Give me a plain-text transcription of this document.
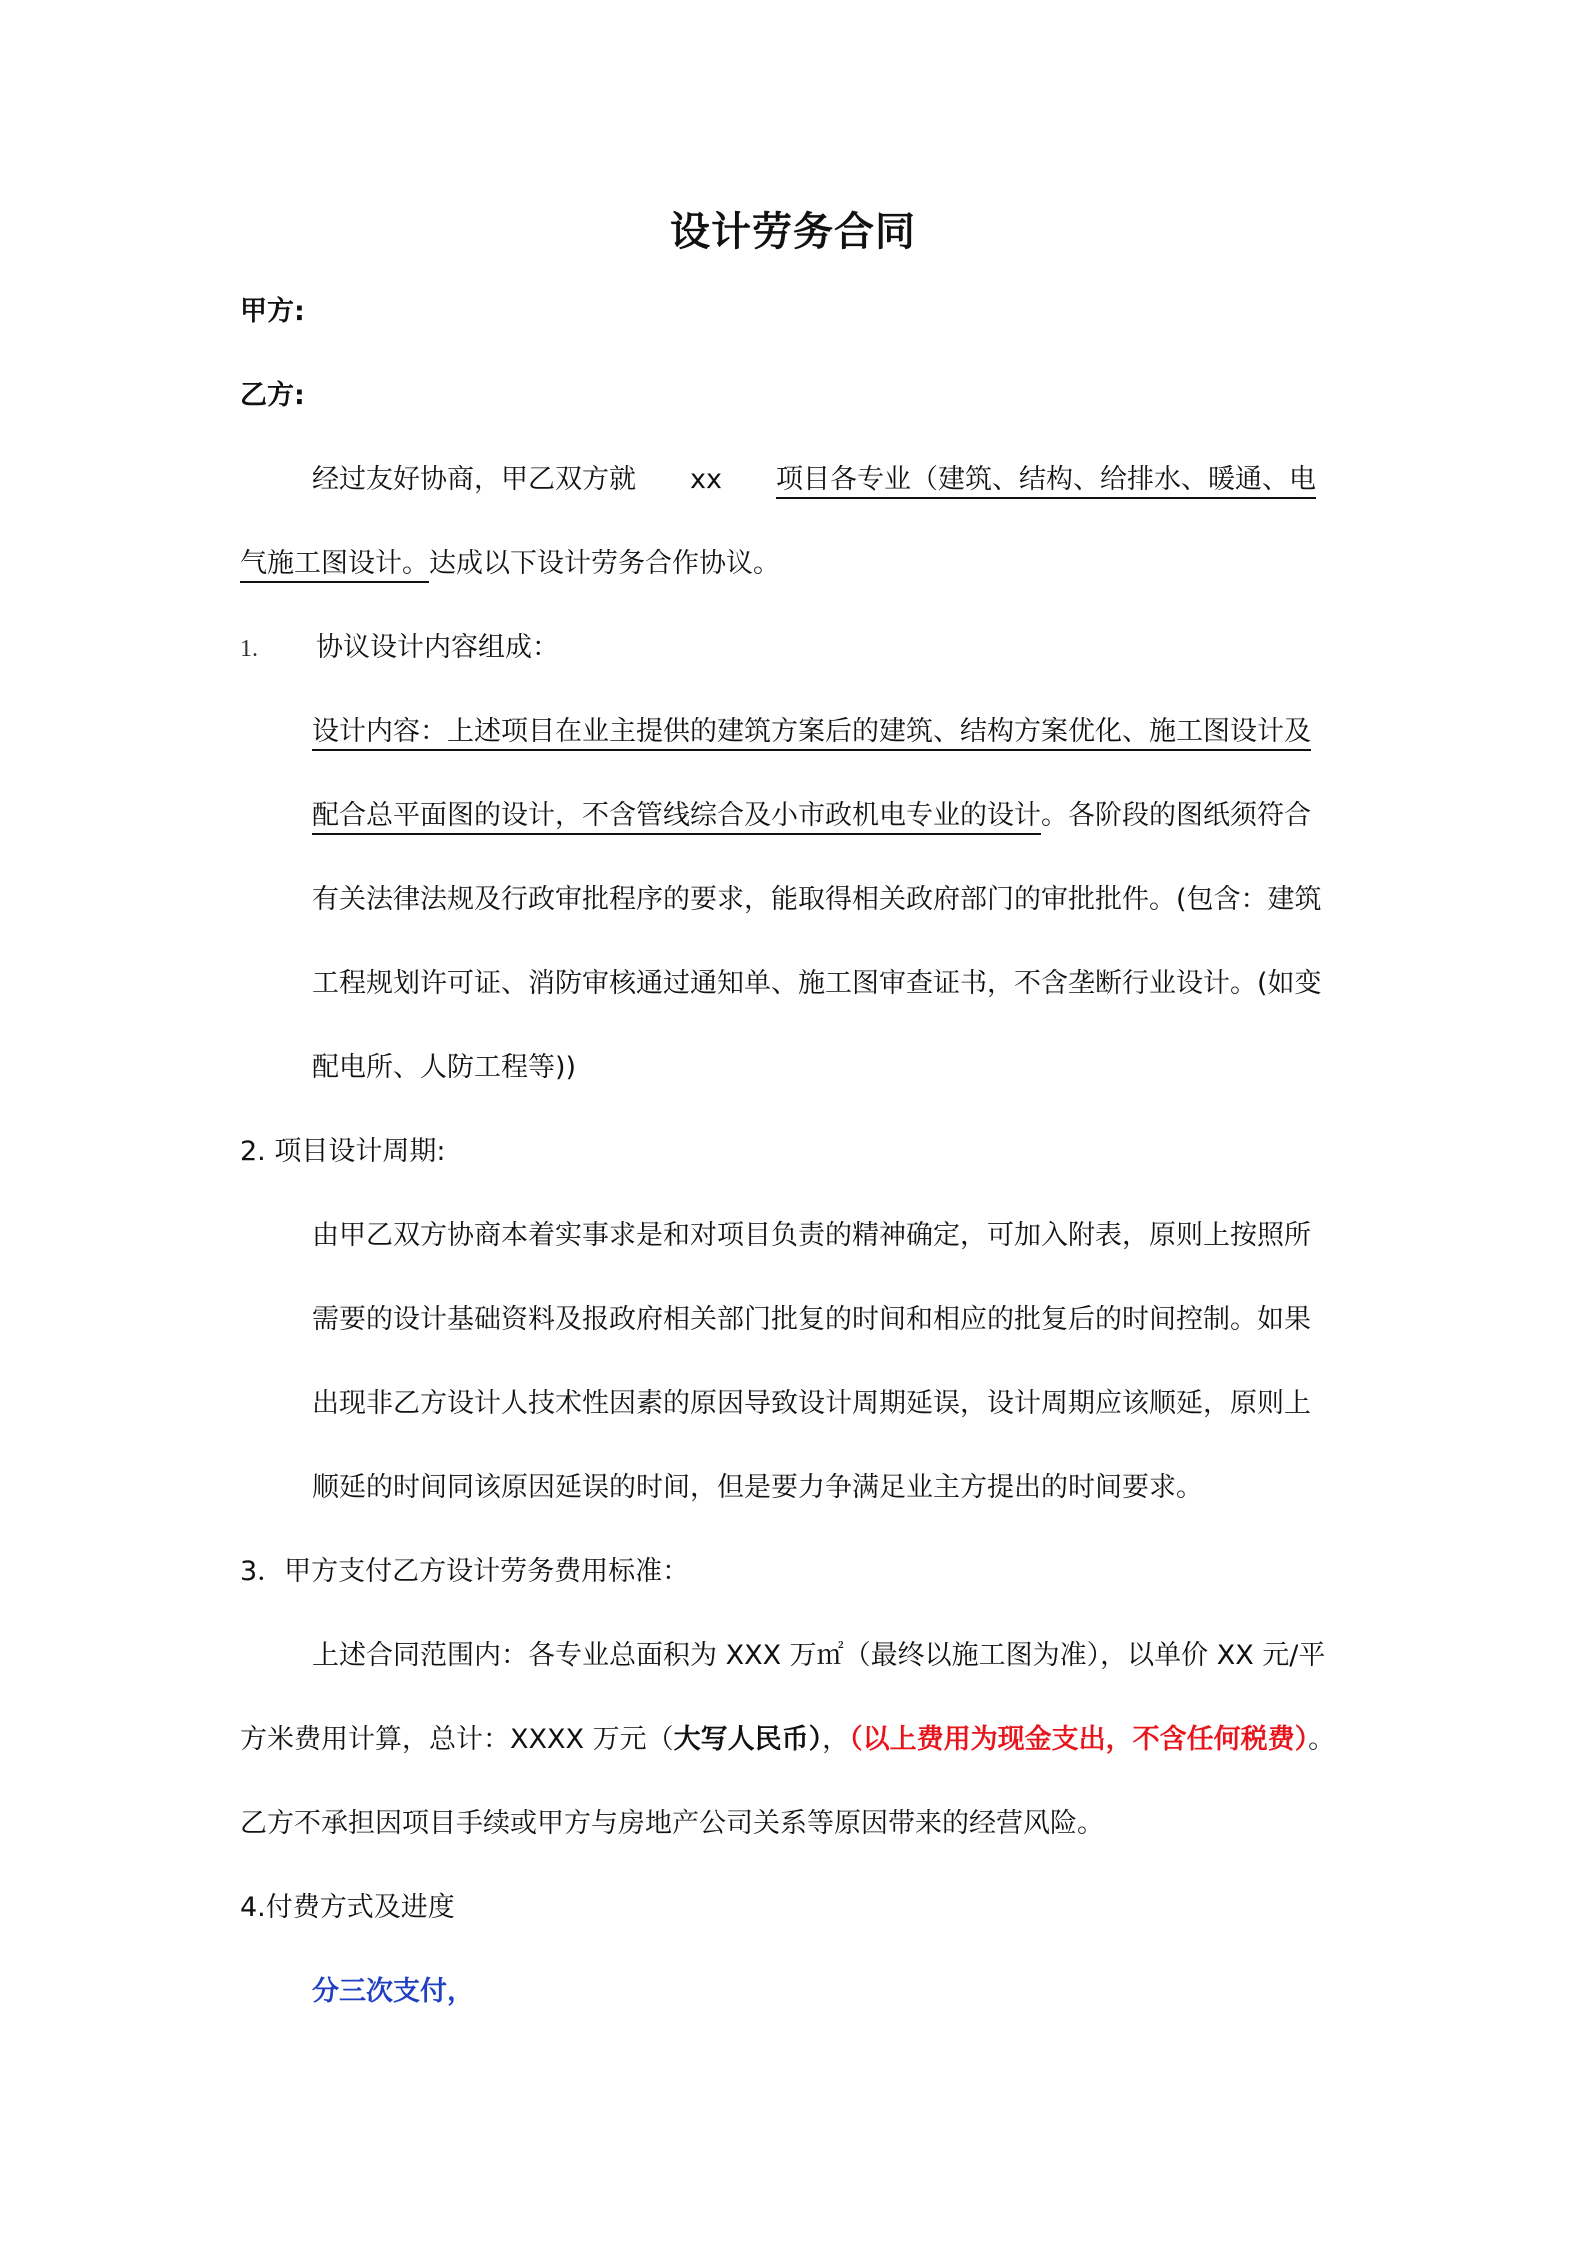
设计劳务合同
甲方:
乙方:
经过友好协商，甲乙双方就 xx 项目各专业（建筑、结构、给排水、暖通、电
气施工图设计。达成以下设计劳务合作协议。
1. 协议设计内容组成：
设计内容：上述项目在业主提供的建筑方案后的建筑、结构方案优化、施工图设计及
配合总平面图的设计，不含管线综合及小市政机电专业的设计。各阶段的图纸须符合
有关法律法规及行政审批程序的要求，能取得相关政府部门的审批批件。(包含：建筑
工程规划许可证、消防审核通过通知单、施工图审查证书，不含垄断行业设计。(如变
配电所、人防工程等))
2. 项目设计周期:
由甲乙双方协商本着实事求是和对项目负责的精神确定，可加入附表，原则上按照所
需要的设计基础资料及报政府相关部门批复的时间和相应的批复后的时间控制。如果
出现非乙方设计人技术性因素的原因导致设计周期延误，设计周期应该顺延，原则上
顺延的时间同该原因延误的时间，但是要力争满足业主方提出的时间要求。
3．甲方支付乙方设计劳务费用标准：
上述合同范围内：各专业总面积为 XXX 万㎡（最终以施工图为准），以单价 XX 元/平
方米费用计算，总计：XXXX 万元（大写人民币），（以上费用为现金支出，不含任何税费）。
乙方不承担因项目手续或甲方与房地产公司关系等原因带来的经营风险。
4.付费方式及进度
分三次支付，
